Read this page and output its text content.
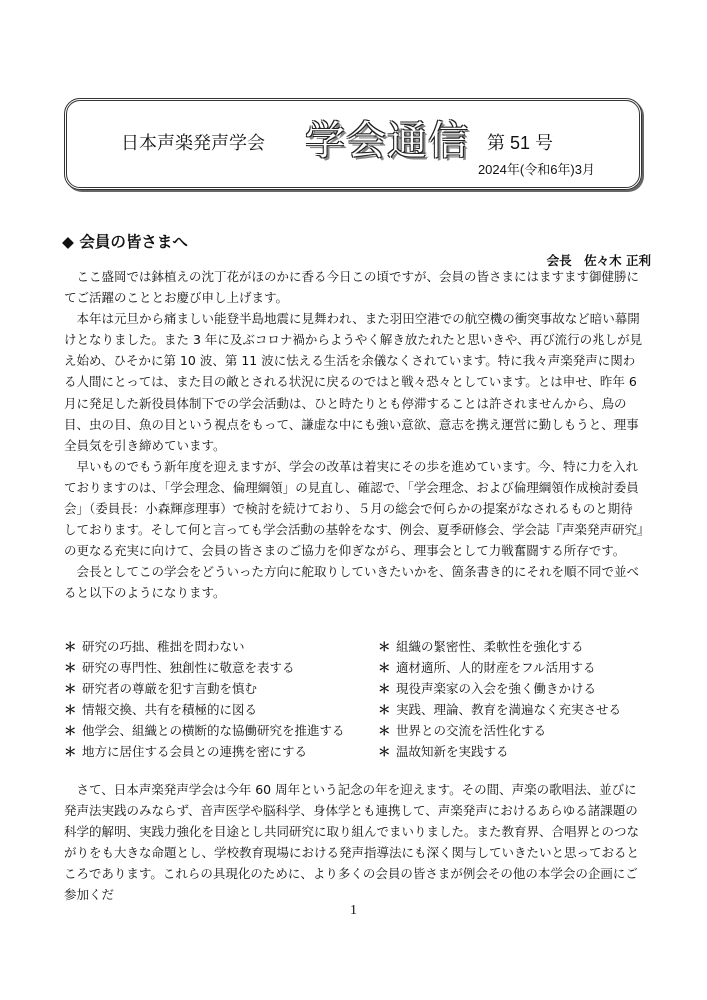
日本声楽発声学会 学会通信 第 51 号
2024年(令和6年)3月
◆ 会員の皆さまへ
会長　佐々木 正利

ここ盛岡では鉢植えの沈丁花がほのかに香る今日この頃ですが、会員の皆さまにはますます御健勝にてご活躍のこととお慶び申し上げます。

本年は元旦から痛ましい能登半島地震に見舞われ、また羽田空港での航空機の衝突事故など暗い幕開けとなりました。また 3 年に及ぶコロナ禍からようやく解き放たれたと思いきや、再び流行の兆しが見え始め、ひそかに第 10 波、第 11 波に怯える生活を余儀なくされています。特に我々声楽発声に関わる人間にとっては、また目の敵とされる状況に戻るのではと戦々恐々としています。とは申せ、昨年 6 月に発足した新役員体制下での学会活動は、ひと時たりとも停滞することは許されませんから、鳥の目、虫の目、魚の目という視点をもって、謙虚な中にも強い意欲、意志を携え運営に勤しもうと、理事全員気を引き締めています。

早いものでもう新年度を迎えますが、学会の改革は着実にその歩を進めています。今、特に力を入れておりますのは、「学会理念、倫理綱領」の見直し、確認で、「学会理念、および倫理綱領作成検討委員会」（委員長：小森輝彦理事）で検討を続けており、５月の総会で何らかの提案がなされるものと期待しております。そして何と言っても学会活動の基幹をなす、例会、夏季研修会、学会誌『声楽発声研究』の更なる充実に向けて、会員の皆さまのご協力を仰ぎながら、理事会として力戦奮闘する所存です。

会長としてこの学会をどういった方向に舵取りしていきたいかを、箇条書き的にそれを順不同で並べると以下のようになります。

＊ 研究の巧拙、稚拙を問わない
＊ 研究の専門性、独創性に敬意を表する
＊ 研究者の尊厳を犯す言動を慎む
＊ 情報交換、共有を積極的に図る
＊ 他学会、組織との横断的な協働研究を推進する
＊ 地方に居住する会員との連携を密にする
＊ 組織の緊密性、柔軟性を強化する
＊ 適材適所、人的財産をフル活用する
＊ 現役声楽家の入会を強く働きかける
＊ 実践、理論、教育を満遍なく充実させる
＊ 世界との交流を活性化する
＊ 温故知新を実践する

さて、日本声楽発声学会は今年 60 周年という記念の年を迎えます。その間、声楽の歌唱法、並びに発声法実践のみならず、音声医学や脳科学、身体学とも連携して、声楽発声におけるあらゆる諸課題の科学的解明、実践力強化を目途とし共同研究に取り組んでまいりました。また教育界、合唱界とのつながりをも大きな命題とし、学校教育現場における発声指導法にも深く関与していきたいと思っておるところであります。これらの具現化のために、より多くの会員の皆さまが例会その他の本学会の企画にご参加くだ

1
